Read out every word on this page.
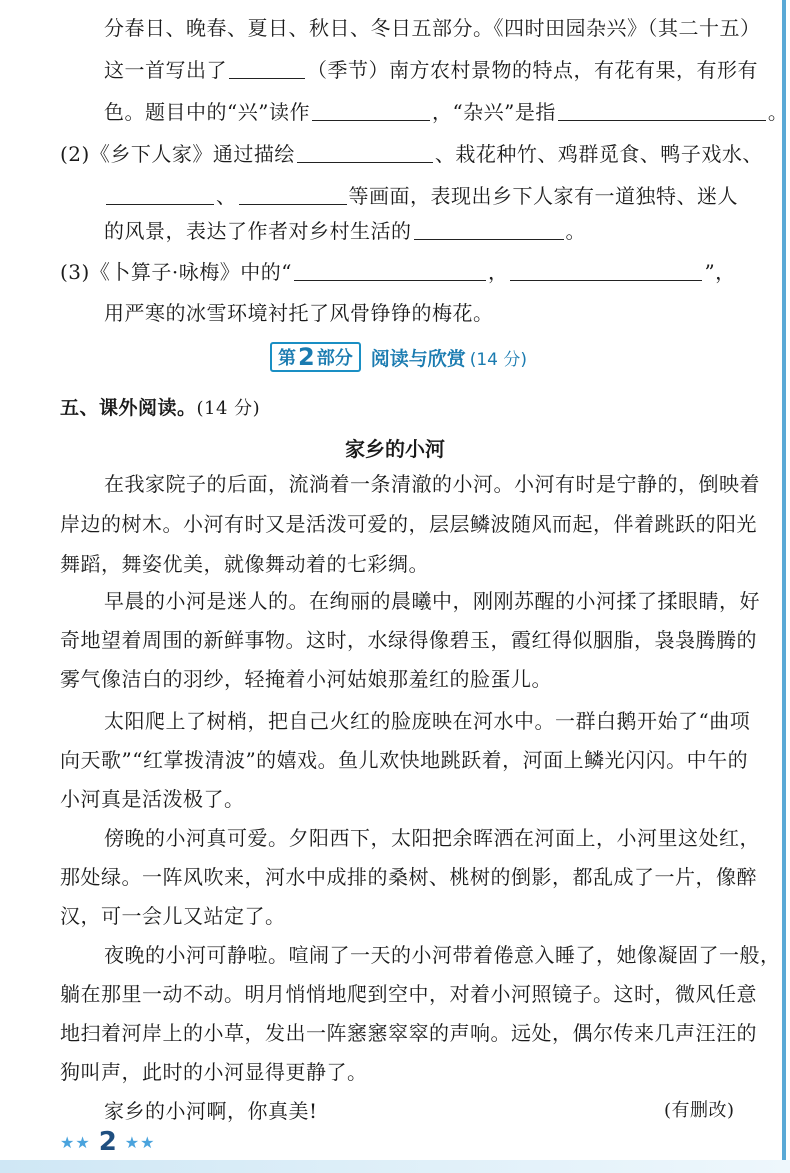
分春日、晚春、夏日、秋日、冬日五部分。《四时田园杂兴》（其二十五）
这一首写出了	（季节）南方农村景物的特点，有花有果，有形有
色。题目中的“兴”读作	，“杂兴”是指	。
(2)《乡下人家》通过描绘	、栽花种竹、鸡群觅食、鸭子戏水、
、	等画面，表现出乡下人家有一道独特、迷人
的风景，表达了作者对乡村生活的	。
(3)《卜算子·咏梅》中的“	，	”，
用严寒的冰雪环境衬托了风骨铮铮的梅花。
第 2 部分 阅读与欣赏 (14 分)
五、课外阅读。(14 分)
家乡的小河
在我家院子的后面，流淌着一条清澈的小河。小河有时是宁静的，倒映着
岸边的树木。小河有时又是活泼可爱的，层层鳞波随风而起，伴着跳跃的阳光
舞蹈，舞姿优美，就像舞动着的七彩绸。
早晨的小河是迷人的。在绚丽的晨曦中，刚刚苏醒的小河揉了揉眼睛，好
奇地望着周围的新鲜事物。这时，水绿得像碧玉，霞红得似胭脂，袅袅腾腾的
雾气像洁白的羽纱，轻掩着小河姑娘那羞红的脸蛋儿。
太阳爬上了树梢，把自己火红的脸庞映在河水中。一群白鹅开始了“曲项
向天歌”“红掌拨清波”的嬉戏。鱼儿欢快地跳跃着，河面上鳞光闪闪。中午的
小河真是活泼极了。
傍晚的小河真可爱。夕阳西下，太阳把余晖洒在河面上，小河里这处红，
那处绿。一阵风吹来，河水中成排的桑树、桃树的倒影，都乱成了一片，像醉
汉，可一会儿又站定了。
夜晚的小河可静啦。喧闹了一天的小河带着倦意入睡了，她像凝固了一般，
躺在那里一动不动。明月悄悄地爬到空中，对着小河照镜子。这时，微风任意
地扫着河岸上的小草，发出一阵窸窸窣窣的声响。远处，偶尔传来几声汪汪的
狗叫声，此时的小河显得更静了。
家乡的小河啊，你真美!	(有删改)
★★ 2 ★★
